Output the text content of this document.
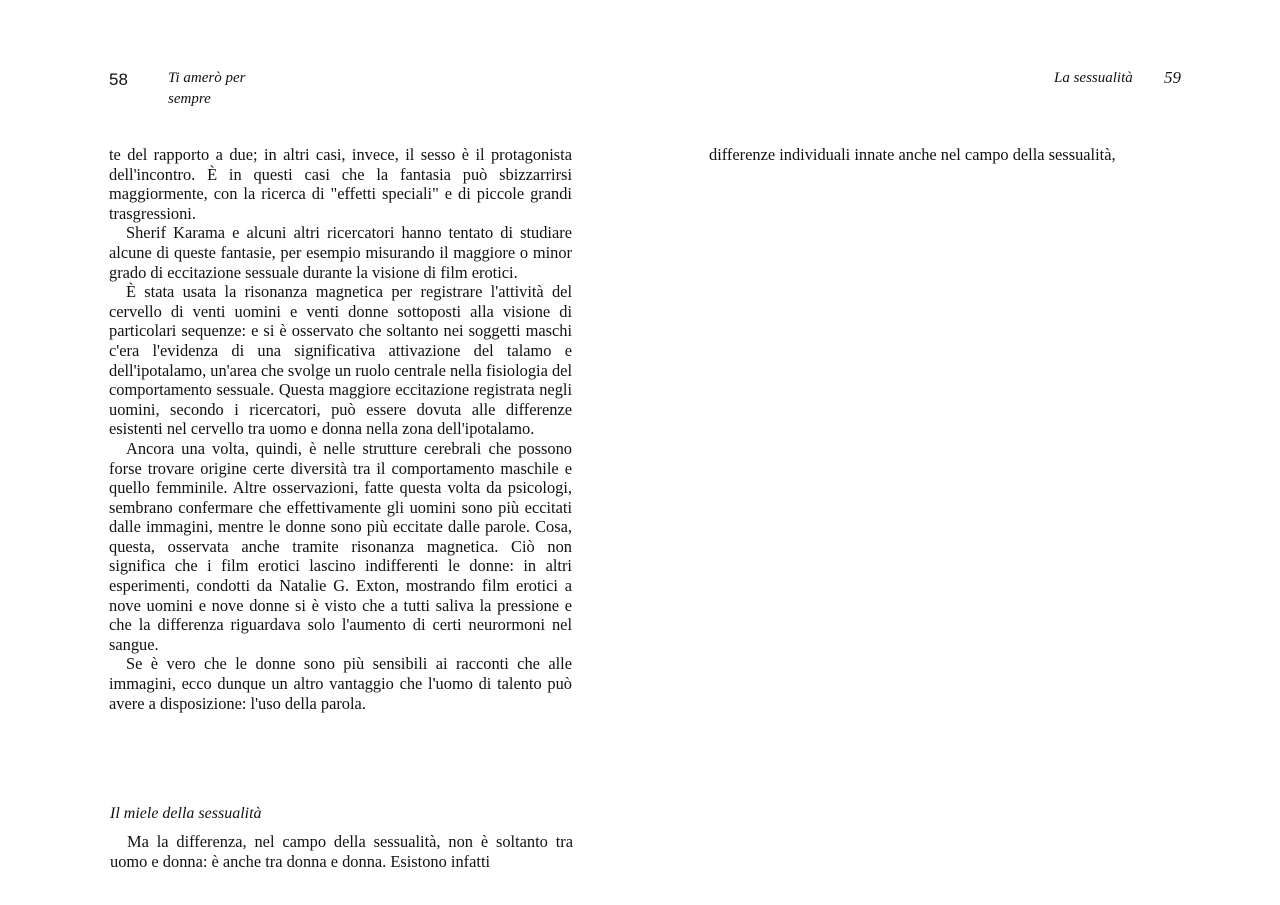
58	Ti amerò per sempre
La sessualità 59

te del rapporto a due; in altri casi, invece, il sesso è il protagonista dell'incontro. È in questi casi che la fantasia può sbizzarrirsi maggiormente, con la ricerca di "effetti speciali" e di piccole grandi trasgressioni.

Sherif Karama e alcuni altri ricercatori hanno tentato di studiare alcune di queste fantasie, per esempio misurando il maggiore o minor grado di eccitazione sessuale durante la visione di film erotici.

È stata usata la risonanza magnetica per registrare l'attività del cervello di venti uomini e venti donne sottoposti alla visione di particolari sequenze: e si è osservato che soltanto nei soggetti maschi c'era l'evidenza di una significativa attivazione del talamo e dell'ipotalamo, un'area che svolge un ruolo centrale nella fisiologia del comportamento sessuale. Questa maggiore eccitazione registrata negli uomini, secondo i ricercatori, può essere dovuta alle differenze esistenti nel cervello tra uomo e donna nella zona dell'ipotalamo.

Ancora una volta, quindi, è nelle strutture cerebrali che possono forse trovare origine certe diversità tra il comportamento maschile e quello femminile. Altre osservazioni, fatte questa volta da psicologi, sembrano confermare che effettivamente gli uomini sono più eccitati dalle immagini, mentre le donne sono più eccitate dalle parole. Cosa, questa, osservata anche tramite risonanza magnetica. Ciò non significa che i film erotici lascino indifferenti le donne: in altri esperimenti, condotti da Natalie G. Exton, mostrando film erotici a nove uomini e nove donne si è visto che a tutti saliva la pressione e che la differenza riguardava solo l'aumento di certi neurormoni nel sangue.

Se è vero che le donne sono più sensibili ai racconti che alle immagini, ecco dunque un altro vantaggio che l'uomo di talento può avere a disposizione: l'uso della parola.

Il miele della sessualità
Ma la differenza, nel campo della sessualità, non è soltanto tra uomo e donna: è anche tra donna e donna. Esistono infatti
differenze individuali innate anche nel campo della sessualità,
